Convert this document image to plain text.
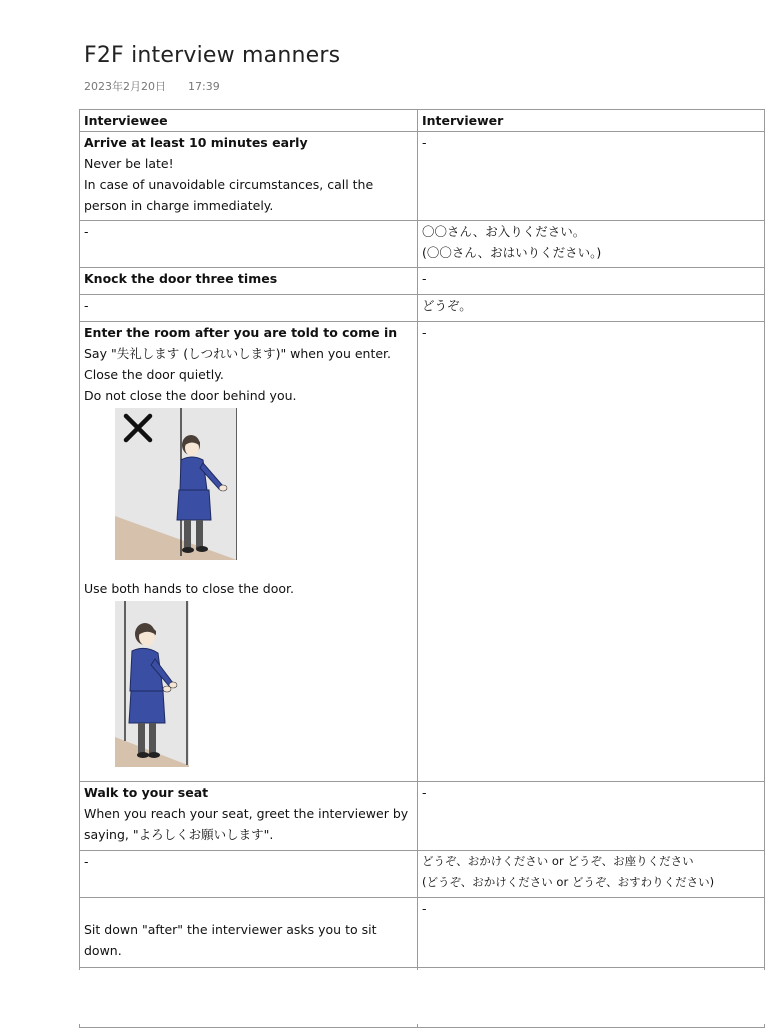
F2F interview manners
2023年2月20日 17:39
Interviewee	Interviewer

Arrive at least 10 minutes early
Never be late!
In case of unavoidable circumstances, call the person in charge immediately.	-

-	〇〇さん、お入りください。
(〇〇さん、おはいりください。)

Knock the door three times	-

-	どうぞ。

Enter the room after you are told to come in
Say "失礼します (しつれいします)" when you enter.
Close the door quietly.
Do not close the door behind you.
Use both hands to close the door.	-

Walk to your seat
When you reach your seat, greet the interviewer by saying, "よろしくお願いします".	-

-	どうぞ、おかけください or どうぞ、お座りください
(どうぞ、おかけください or どうぞ、おすわりください)

Sit down "after" the interviewer asks you to sit down.	-
